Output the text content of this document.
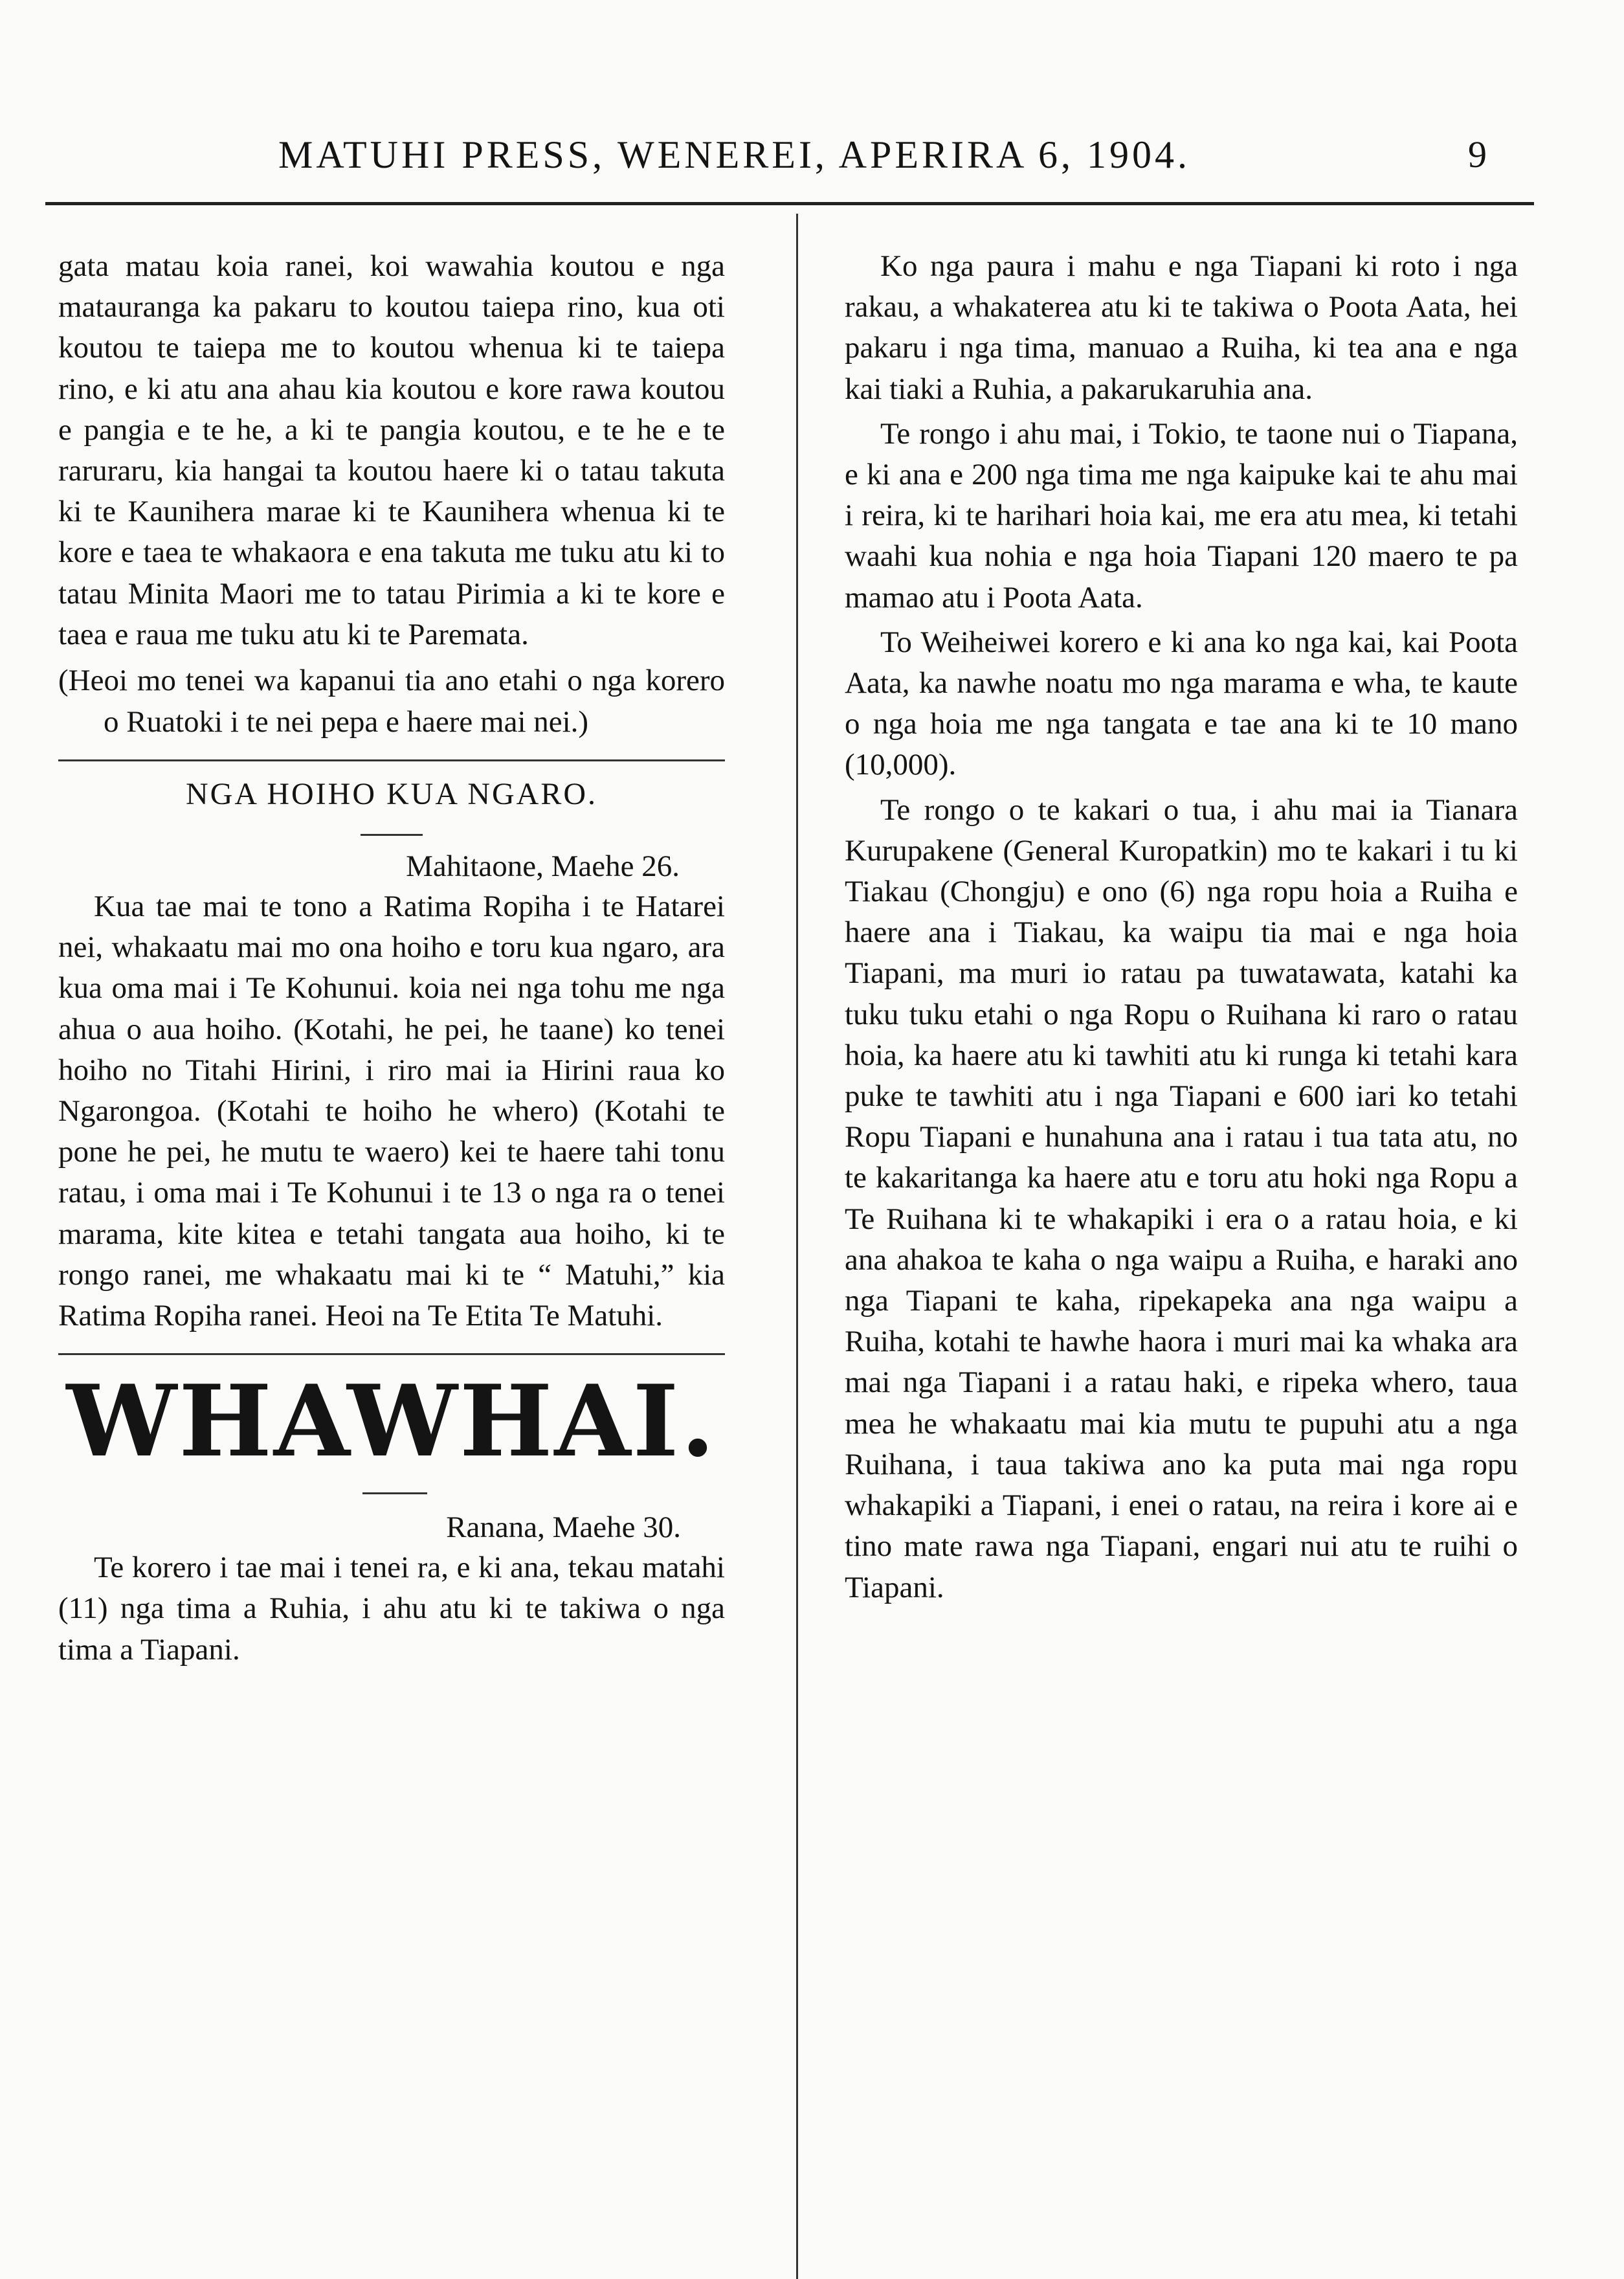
MATUHI PRESS, WENEREI, APERIRA 6, 1904.	9

gata matau koia ranei, koi wawahia koutou e nga matauranga ka pakaru to koutou taiepa rino, kua oti koutou te taiepa me to koutou whenua ki te taiepa rino, e ki atu ana ahau kia koutou e kore rawa koutou e pangia e te he, a ki te pangia koutou, e te he e te raruraru, kia hangai ta koutou haere ki o tatau takuta ki te Kaunihera marae ki te Kaunihera whenua ki te kore e taea te whakaora e ena takuta me tuku atu ki to tatau Minita Maori me to tatau Pirimia a ki te kore e taea e raua me tuku atu ki te Paremata.

(Heoi mo tenei wa kapanui tia ano etahi o nga korero o Ruatoki i te nei pepa e haere mai nei.)

NGA HOIHO KUA NGARO.
Mahitaone, Maehe 26.

Kua tae mai te tono a Ratima Ropiha i te Hatarei nei, whakaatu mai mo ona hoiho e toru kua ngaro, ara kua oma mai i Te Kohunui. koia nei nga tohu me nga ahua o aua hoiho. (Kotahi, he pei, he taane) ko tenei hoiho no Titahi Hirini, i riro mai ia Hirini raua ko Ngarongoa. (Kotahi te hoiho he whero) (Kotahi te pone he pei, he mutu te waero) kei te haere tahi tonu ratau, i oma mai i Te Kohunui i te 13 o nga ra o tenei marama, kite kitea e tetahi tangata aua hoiho, ki te rongo ranei, me whakaatu mai ki te “ Matuhi,” kia Ratima Ropiha ranei. Heoi na Te Etita Te Matuhi.

WHAWHAI.
Ranana, Maehe 30.

Te korero i tae mai i tenei ra, e ki ana, tekau matahi (11) nga tima a Ruhia, i ahu atu ki te takiwa o nga tima a Tiapani.

Ko nga paura i mahu e nga Tiapani ki roto i nga rakau, a whakaterea atu ki te takiwa o Poota Aata, hei pakaru i nga tima, manuao a Ruiha, ki tea ana e nga kai tiaki a Ruhia, a pakarukaruhia ana.

Te rongo i ahu mai, i Tokio, te taone nui o Tiapana, e ki ana e 200 nga tima me nga kaipuke kai te ahu mai i reira, ki te harihari hoia kai, me era atu mea, ki tetahi waahi kua nohia e nga hoia Tiapani 120 maero te pa mamao atu i Poota Aata.

To Weiheiwei korero e ki ana ko nga kai, kai Poota Aata, ka nawhe noatu mo nga marama e wha, te kaute o nga hoia me nga tangata e tae ana ki te 10 mano (10,000).

Te rongo o te kakari o tua, i ahu mai ia Tianara Kurupakene (General Kuropatkin) mo te kakari i tu ki Tiakau (Chongju) e ono (6) nga ropu hoia a Ruiha e haere ana i Tiakau, ka waipu tia mai e nga hoia Tiapani, ma muri io ratau pa tuwatawata, katahi ka tuku tuku etahi o nga Ropu o Ruihana ki raro o ratau hoia, ka haere atu ki tawhiti atu ki runga ki tetahi kara puke te tawhiti atu i nga Tiapani e 600 iari ko tetahi Ropu Tiapani e hunahuna ana i ratau i tua tata atu, no te kakaritanga ka haere atu e toru atu hoki nga Ropu a Te Ruihana ki te whakapiki i era o a ratau hoia, e ki ana ahakoa te kaha o nga waipu a Ruiha, e haraki ano nga Tiapani te kaha, ripekapeka ana nga waipu a Ruiha, kotahi te hawhe haora i muri mai ka whaka ara mai nga Tiapani i a ratau haki, e ripeka whero, taua mea he whakaatu mai kia mutu te pupuhi atu a nga Ruihana, i taua takiwa ano ka puta mai nga ropu whakapiki a Tiapani, i enei o ratau, na reira i kore ai e tino mate rawa nga Tiapani, engari nui atu te ruihi o Tiapani.
